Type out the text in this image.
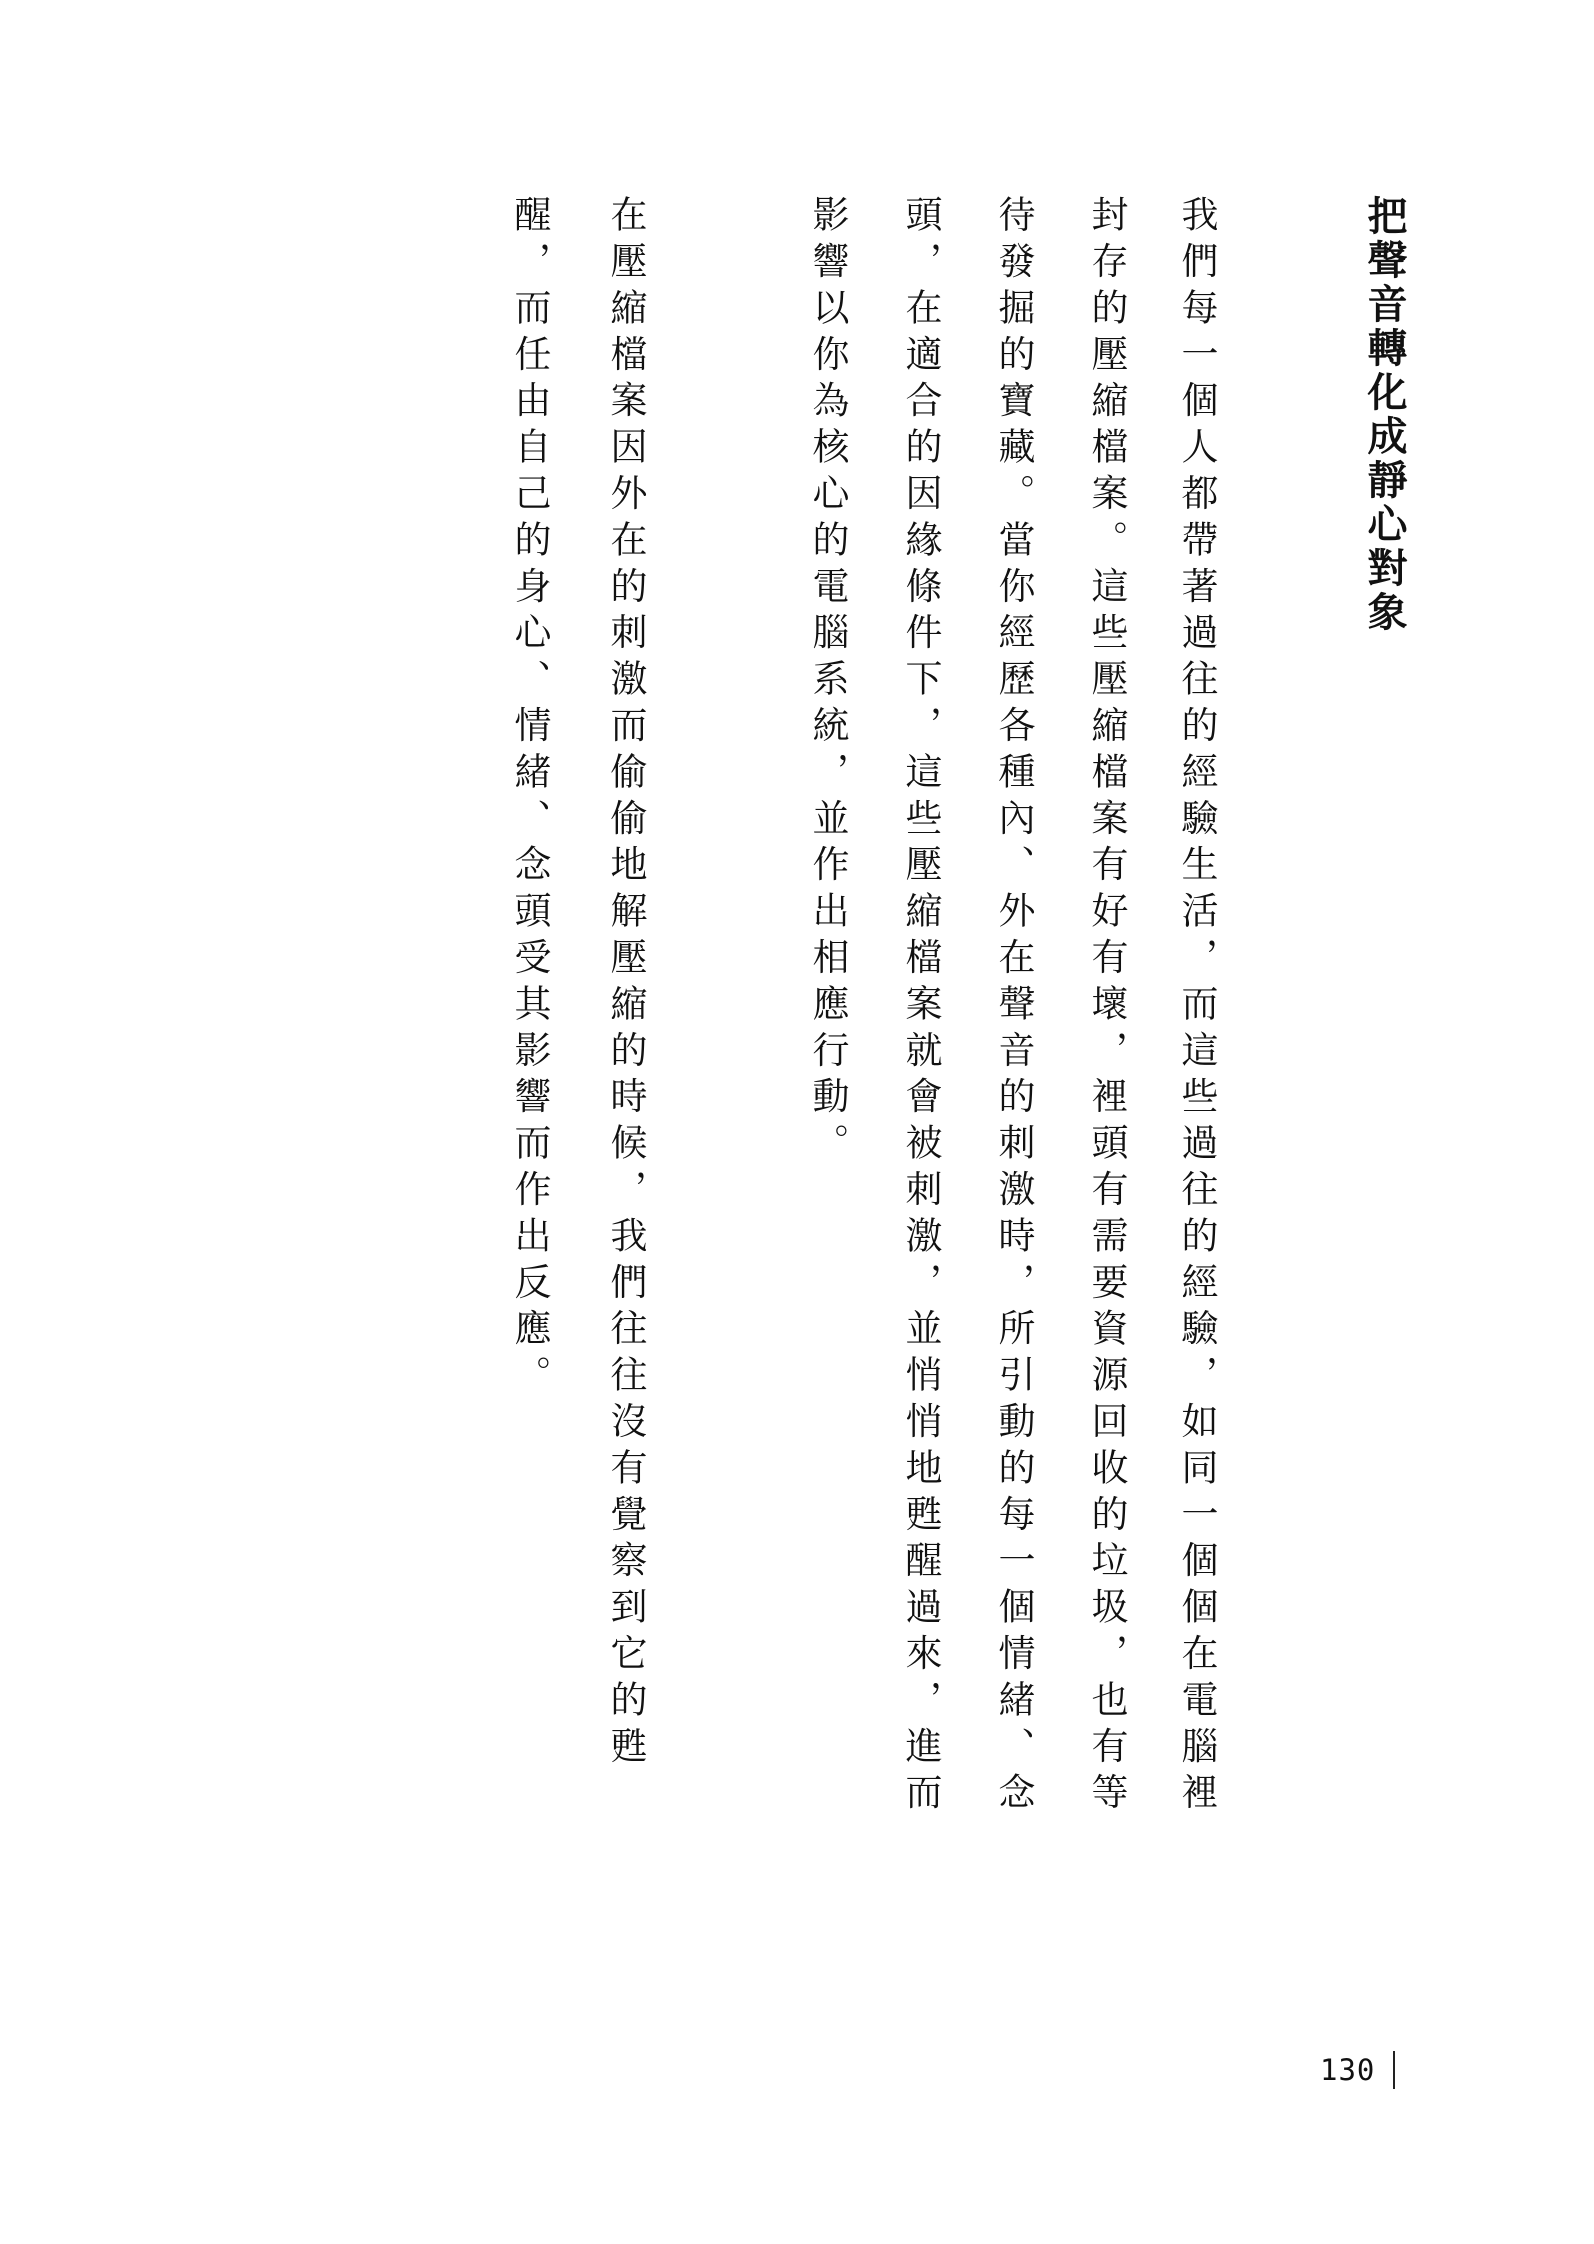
把聲音轉化成靜心對象

我們每一個人都帶著過往的經驗生活，而這些過往的經驗，如同一個個在電腦裡

封存的壓縮檔案。這些壓縮檔案有好有壞，裡頭有需要資源回收的垃圾，也有等

待發掘的寶藏。當你經歷各種內、外在聲音的刺激時，所引動的每一個情緒、念

頭，在適合的因緣條件下，這些壓縮檔案就會被刺激，並悄悄地甦醒過來，進而

影響以你為核心的電腦系統，並作出相應行動。

在壓縮檔案因外在的刺激而偷偷地解壓縮的時候，我們往往沒有覺察到它的甦

醒，而任由自己的身心、情緒、念頭受其影響而作出反應。

130
